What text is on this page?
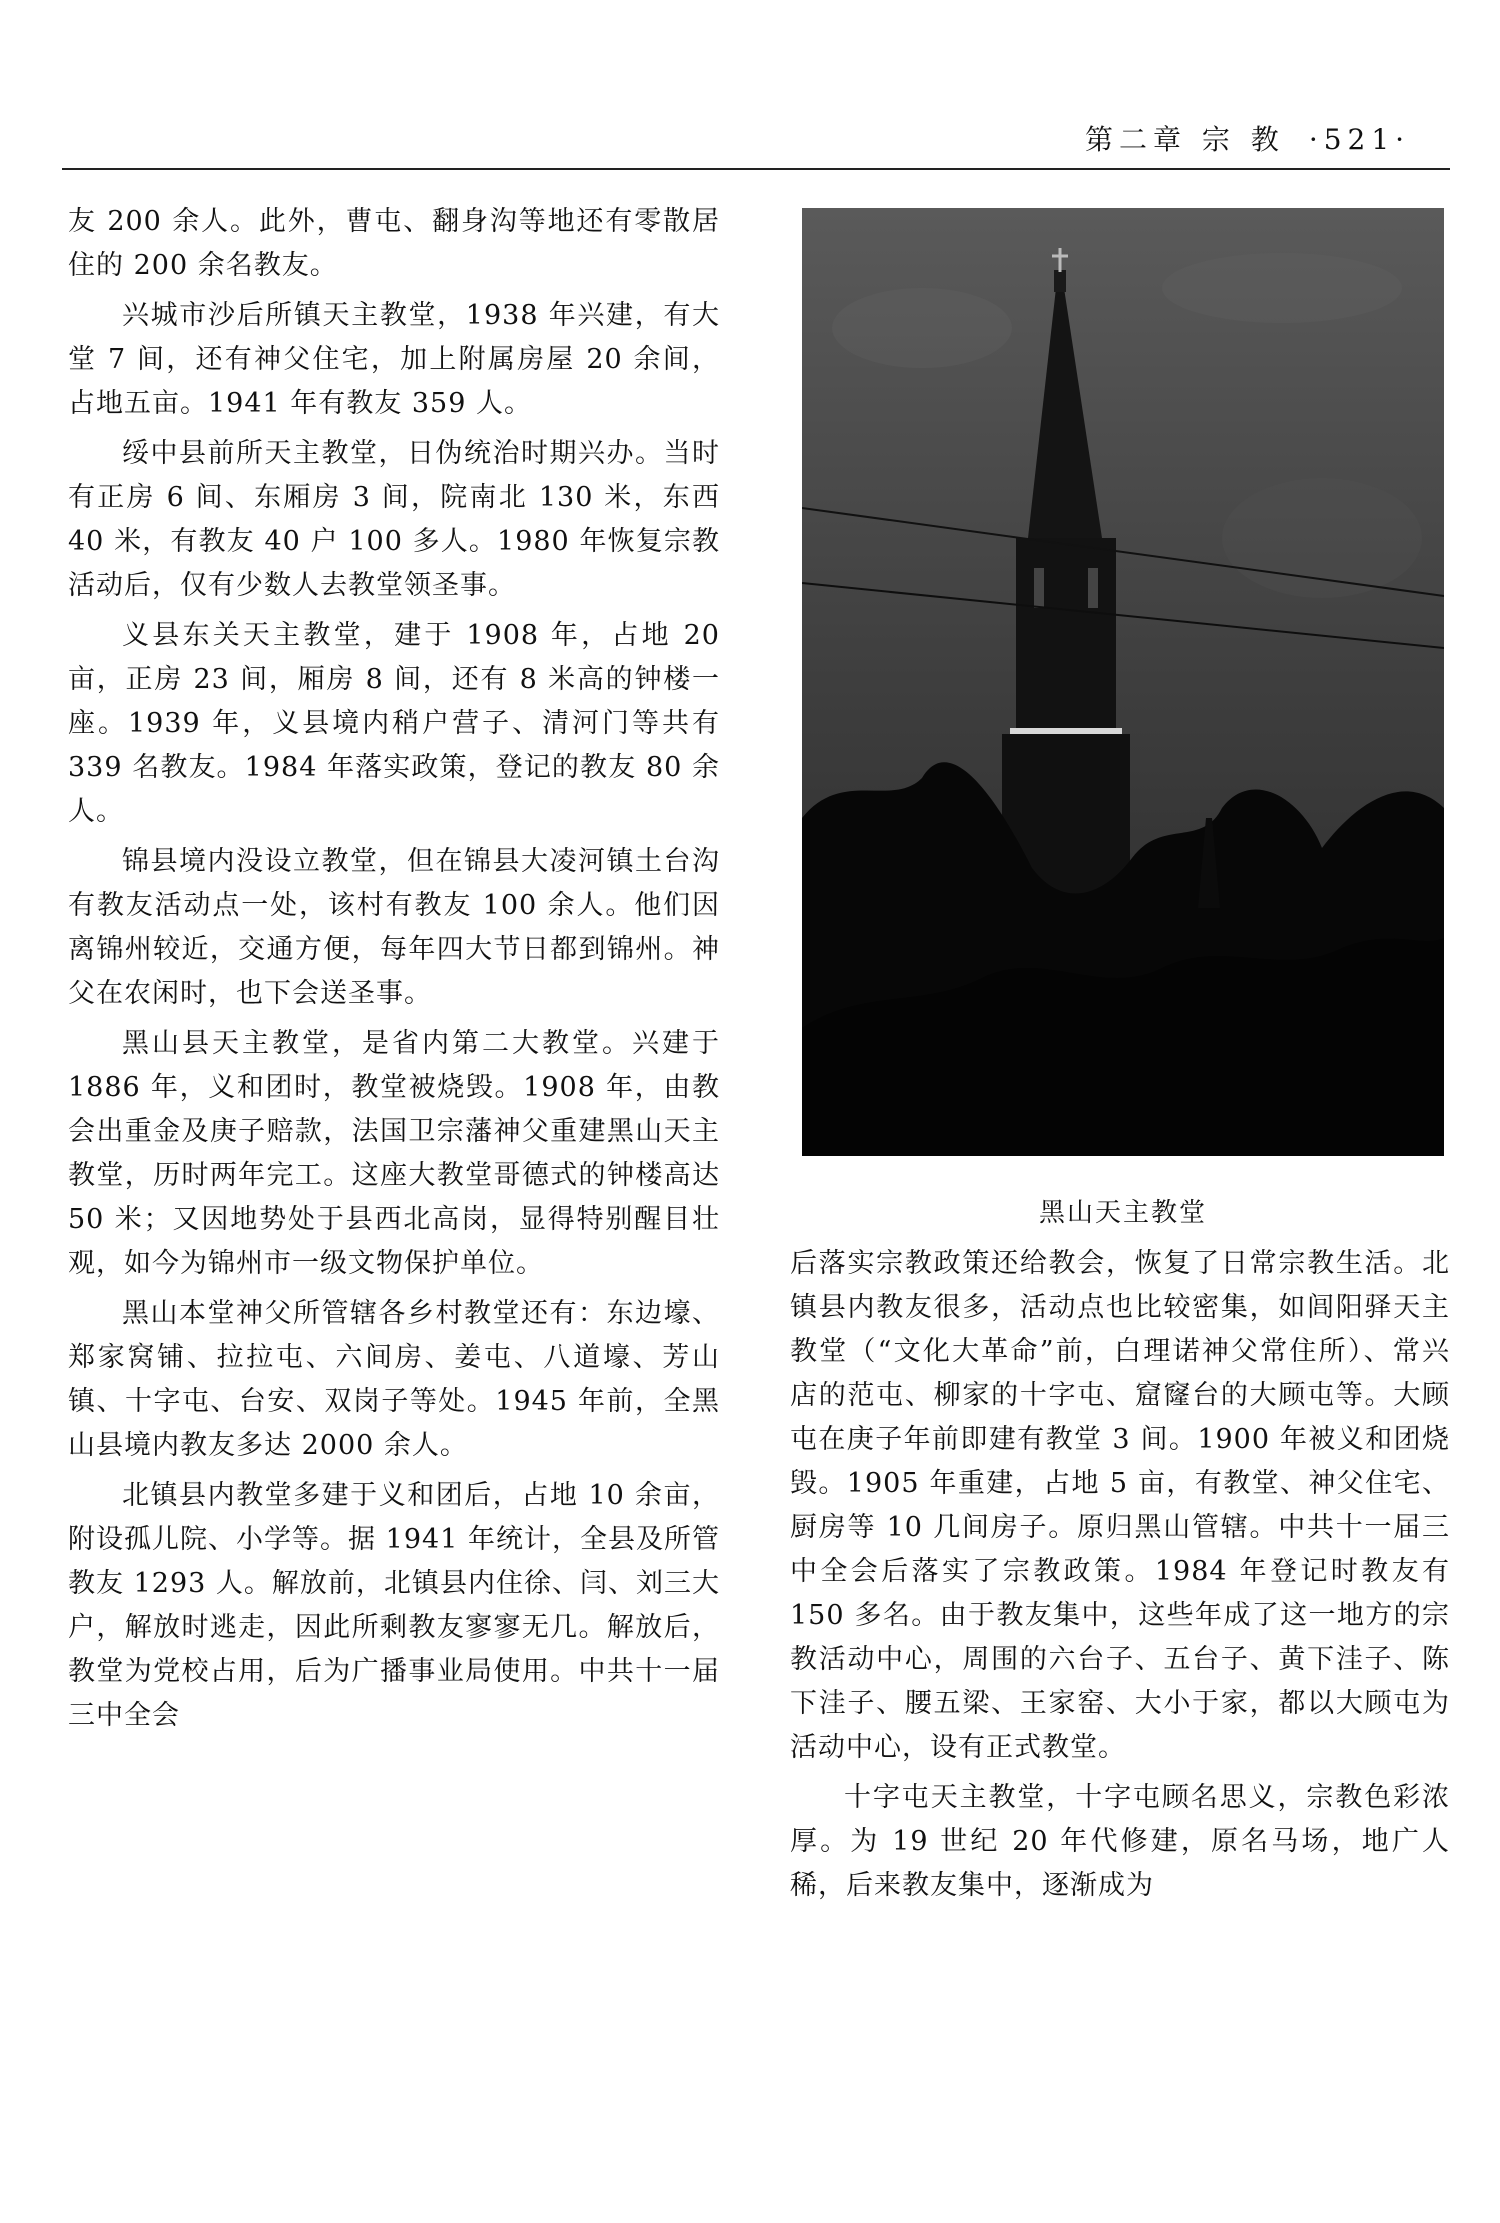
第二章 宗 教 ·521·

友 200 余人。此外，曹屯、翻身沟等地还有零散居住的 200 余名教友。

兴城市沙后所镇天主教堂，1938 年兴建，有大堂 7 间，还有神父住宅，加上附属房屋 20 余间，占地五亩。1941 年有教友 359 人。

绥中县前所天主教堂，日伪统治时期兴办。当时有正房 6 间、东厢房 3 间，院南北 130 米，东西 40 米，有教友 40 户 100 多人。1980 年恢复宗教活动后，仅有少数人去教堂领圣事。

义县东关天主教堂，建于 1908 年，占地 20 亩，正房 23 间，厢房 8 间，还有 8 米高的钟楼一座。1939 年，义县境内稍户营子、清河门等共有 339 名教友。1984 年落实政策，登记的教友 80 余人。

锦县境内没设立教堂，但在锦县大凌河镇土台沟有教友活动点一处，该村有教友 100 余人。他们因离锦州较近，交通方便，每年四大节日都到锦州。神父在农闲时，也下会送圣事。

黑山县天主教堂，是省内第二大教堂。兴建于 1886 年，义和团时，教堂被烧毁。1908 年，由教会出重金及庚子赔款，法国卫宗藩神父重建黑山天主教堂，历时两年完工。这座大教堂哥德式的钟楼高达 50 米；又因地势处于县西北高岗，显得特别醒目壮观，如今为锦州市一级文物保护单位。

黑山本堂神父所管辖各乡村教堂还有：东边壕、郑家窝铺、拉拉屯、六间房、姜屯、八道壕、芳山镇、十字屯、台安、双岗子等处。1945 年前，全黑山县境内教友多达 2000 余人。

北镇县内教堂多建于义和团后，占地 10 余亩，附设孤儿院、小学等。据 1941 年统计，全县及所管教友 1293 人。解放前，北镇县内住徐、闫、刘三大户，解放时逃走，因此所剩教友寥寥无几。解放后，教堂为党校占用，后为广播事业局使用。中共十一届三中全会

黑山天主教堂

后落实宗教政策还给教会，恢复了日常宗教生活。北镇县内教友很多，活动点也比较密集，如闾阳驿天主教堂（“文化大革命”前，白理诺神父常住所）、常兴店的范屯、柳家的十字屯、窟窿台的大顾屯等。大顾屯在庚子年前即建有教堂 3 间。1900 年被义和团烧毁。1905 年重建，占地 5 亩，有教堂、神父住宅、厨房等 10 几间房子。原归黑山管辖。中共十一届三中全会后落实了宗教政策。1984 年登记时教友有 150 多名。由于教友集中，这些年成了这一地方的宗教活动中心，周围的六台子、五台子、黄下洼子、陈下洼子、腰五梁、王家窑、大小于家，都以大顾屯为活动中心，设有正式教堂。

十字屯天主教堂，十字屯顾名思义，宗教色彩浓厚。为 19 世纪 20 年代修建，原名马场，地广人稀，后来教友集中，逐渐成为
